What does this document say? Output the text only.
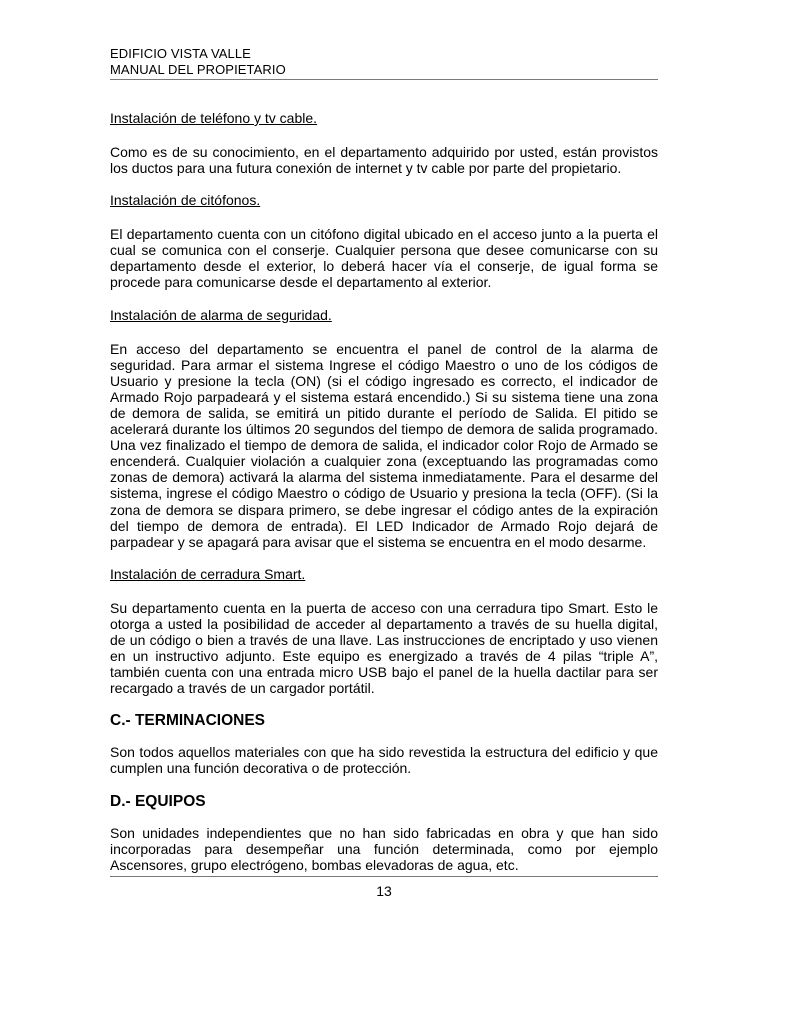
EDIFICIO VISTA VALLE
MANUAL DEL PROPIETARIO

Instalación de teléfono y tv cable.

Como es de su conocimiento, en el departamento adquirido por usted, están provistos los ductos para una futura conexión de internet y tv cable por parte del propietario.

Instalación de citófonos.

El departamento cuenta con un citófono digital ubicado en el acceso junto a la puerta el cual se comunica con el conserje. Cualquier persona que desee comunicarse con su departamento desde el exterior, lo deberá hacer vía el conserje, de igual forma se procede para comunicarse desde el departamento al exterior.

Instalación de alarma de seguridad.

En acceso del departamento se encuentra el panel de control de la alarma de seguridad. Para armar el sistema Ingrese el código Maestro o uno de los códigos de Usuario y presione la tecla (ON) (si el código ingresado es correcto, el indicador de Armado Rojo parpadeará y el sistema estará encendido.) Si su sistema tiene una zona de demora de salida, se emitirá un pitido durante el período de Salida. El pitido se acelerará durante los últimos 20 segundos del tiempo de demora de salida programado. Una vez finalizado el tiempo de demora de salida, el indicador color Rojo de Armado se encenderá. Cualquier violación a cualquier zona (exceptuando las programadas como zonas de demora) activará la alarma del sistema inmediatamente. Para el desarme del sistema, ingrese el código Maestro o código de Usuario y presiona la tecla (OFF). (Si la zona de demora se dispara primero, se debe ingresar el código antes de la expiración del tiempo de demora de entrada). El LED Indicador de Armado Rojo dejará de parpadear y se apagará para avisar que el sistema se encuentra en el modo desarme.

Instalación de cerradura Smart.

Su departamento cuenta en la puerta de acceso con una cerradura tipo Smart. Esto le otorga a usted la posibilidad de acceder al departamento a través de su huella digital, de un código o bien a través de una llave. Las instrucciones de encriptado y uso vienen en un instructivo adjunto. Este equipo es energizado a través de 4 pilas “triple A”, también cuenta con una entrada micro USB bajo el panel de la huella dactilar para ser recargado a través de un cargador portátil.

C.- TERMINACIONES

Son todos aquellos materiales con que ha sido revestida la estructura del edificio y que cumplen una función decorativa o de protección.

D.- EQUIPOS

Son unidades independientes que no han sido fabricadas en obra y que han sido incorporadas para desempeñar una función determinada, como por ejemplo Ascensores, grupo electrógeno, bombas elevadoras de agua, etc.

13
